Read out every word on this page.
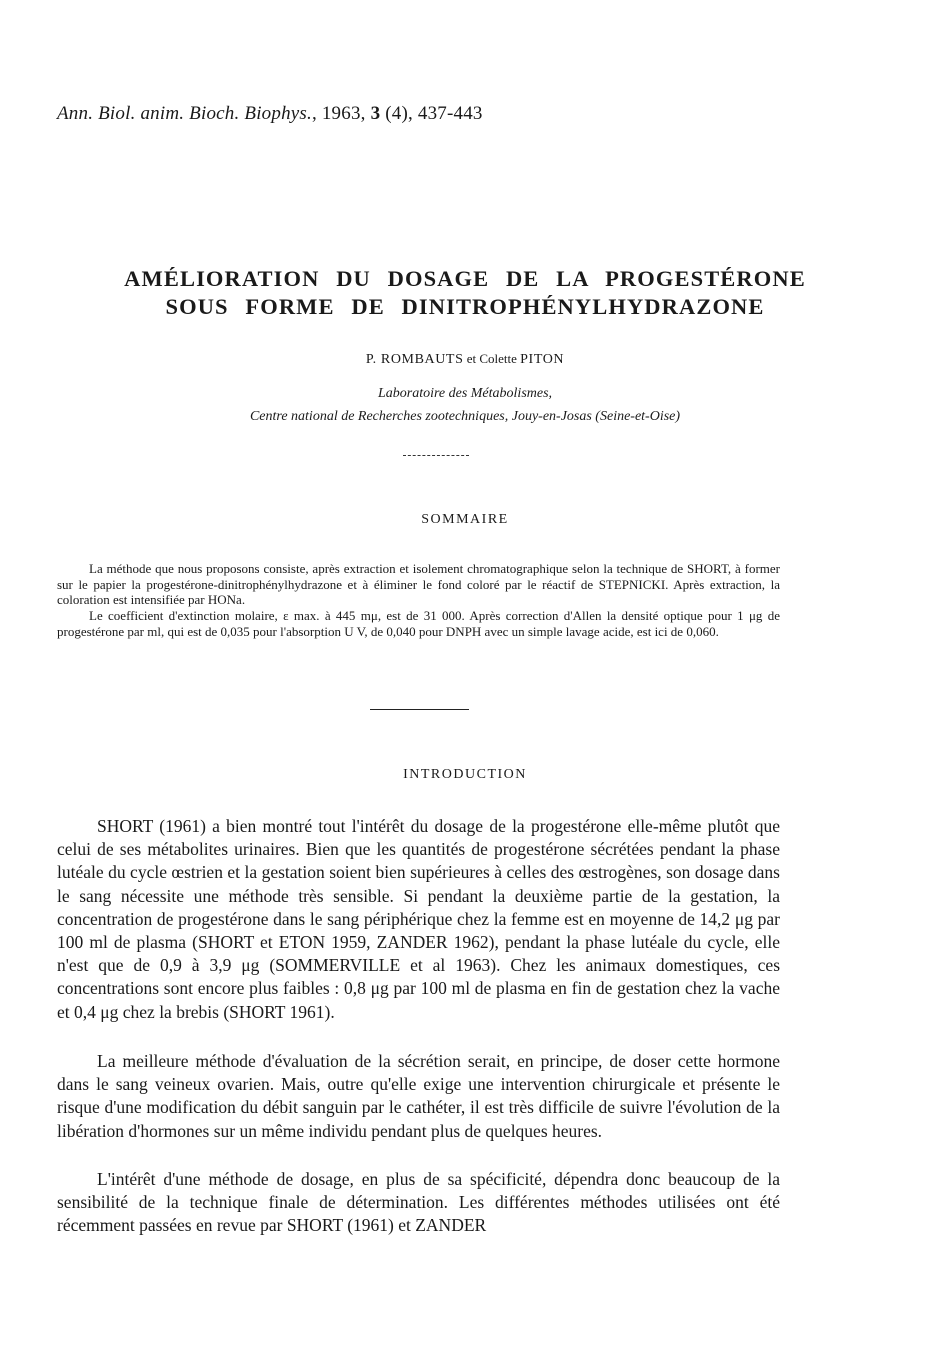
Ann. Biol. anim. Bioch. Biophys., 1963, 3 (4), 437-443
AMÉLIORATION DU DOSAGE DE LA PROGESTÉRONE
SOUS FORME DE DINITROPHÉNYLHYDRAZONE
P. ROMBAUTS et Colette PITON
Laboratoire des Métabolismes,
Centre national de Recherches zootechniques, Jouy-en-Josas (Seine-et-Oise)
SOMMAIRE

La méthode que nous proposons consiste, après extraction et isolement chromatographique selon la technique de SHORT, à former sur le papier la progestérone-dinitrophénylhydrazone et à éliminer le fond coloré par le réactif de STEPNICKI. Après extraction, la coloration est intensifiée par HONa.

Le coefficient d'extinction molaire, ε max. à 445 mμ, est de 31 000. Après correction d'Allen la densité optique pour 1 μg de progestérone par ml, qui est de 0,035 pour l'absorption U V, de 0,040 pour DNPH avec un simple lavage acide, est ici de 0,060.

INTRODUCTION

SHORT (1961) a bien montré tout l'intérêt du dosage de la progestérone elle-même plutôt que celui de ses métabolites urinaires. Bien que les quantités de progestérone sécrétées pendant la phase lutéale du cycle œstrien et la gestation soient bien supérieures à celles des œstrogènes, son dosage dans le sang nécessite une méthode très sensible. Si pendant la deuxième partie de la gestation, la concentration de progestérone dans le sang périphérique chez la femme est en moyenne de 14,2 μg par 100 ml de plasma (SHORT et ETON 1959, ZANDER 1962), pendant la phase lutéale du cycle, elle n'est que de 0,9 à 3,9 μg (SOMMERVILLE et al 1963). Chez les animaux domestiques, ces concentrations sont encore plus faibles : 0,8 μg par 100 ml de plasma en fin de gestation chez la vache et 0,4 μg chez la brebis (SHORT 1961).

La meilleure méthode d'évaluation de la sécrétion serait, en principe, de doser cette hormone dans le sang veineux ovarien. Mais, outre qu'elle exige une intervention chirurgicale et présente le risque d'une modification du débit sanguin par le cathéter, il est très difficile de suivre l'évolution de la libération d'hormones sur un même individu pendant plus de quelques heures.

L'intérêt d'une méthode de dosage, en plus de sa spécificité, dépendra donc beaucoup de la sensibilité de la technique finale de détermination. Les différentes méthodes utilisées ont été récemment passées en revue par SHORT (1961) et ZANDER
